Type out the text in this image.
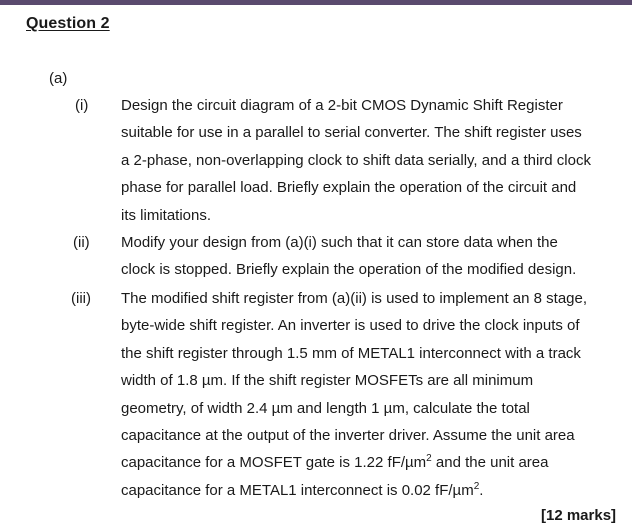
Question 2
(a)
(i) Design the circuit diagram of a 2-bit CMOS Dynamic Shift Register
suitable for use in a parallel to serial converter. The shift register uses
a 2-phase, non-overlapping clock to shift data serially, and a third clock
phase for parallel load. Briefly explain the operation of the circuit and
its limitations.
(ii) Modify your design from (a)(i) such that it can store data when the
clock is stopped. Briefly explain the operation of the modified design.
(iii) The modified shift register from (a)(ii) is used to implement an 8 stage,
byte-wide shift register. An inverter is used to drive the clock inputs of
the shift register through 1.5 mm of METAL1 interconnect with a track
width of 1.8 µm. If the shift register MOSFETs are all minimum
geometry, of width 2.4 µm and length 1 µm, calculate the total
capacitance at the output of the inverter driver. Assume the unit area
capacitance for a MOSFET gate is 1.22 fF/µm$^2$ and the unit area
capacitance for a METAL1 interconnect is 0.02 fF/µm$^2$.
[12 marks]
